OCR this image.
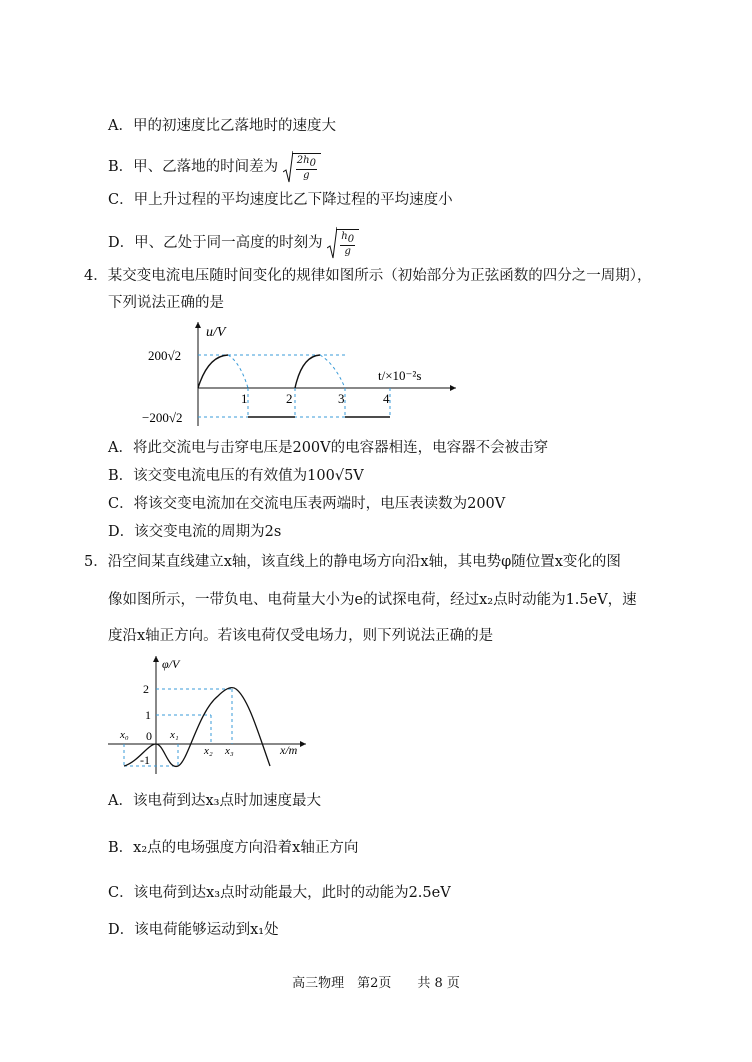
A．甲的初速度比乙落地时的速度大
B．甲、乙落地的时间差为 $\frac{2h_0}{g}$
C．甲上升过程的平均速度比乙下降过程的平均速度小
D．甲、乙处于同一高度的时刻为 $\frac{h_0}{g}$
4．某交变电流电压随时间变化的规律如图所示（初始部分为正弦函数的四分之一周期），
下列说法正确的是
u/V
t/×10⁻²s
200√2
−200√2
1	2	3	4
A．将此交流电与击穿电压是200V的电容器相连，电容器不会被击穿
B．该交变电流电压的有效值为100√5V
C．将该交变电流加在交流电压表两端时，电压表读数为200V
D．该交变电流的周期为2s
5．沿空间某直线建立x轴，该直线上的静电场方向沿x轴，其电势φ随位置x变化的图
像如图所示，一带负电、电荷量大小为e的试探电荷，经过x₂点时动能为1.5eV，速
度沿x轴正方向。若该电荷仅受电场力，则下列说法正确的是
φ/V
x/m
2
1
0
-1
x₀	x₁
x₂ x₃
A．该电荷到达x₃点时加速度最大
B．x₂点的电场强度方向沿着x轴正方向
C．该电荷到达x₃点时动能最大，此时的动能为2.5eV
D．该电荷能够运动到x₁处
高三物理　第2页　　共 8 页
